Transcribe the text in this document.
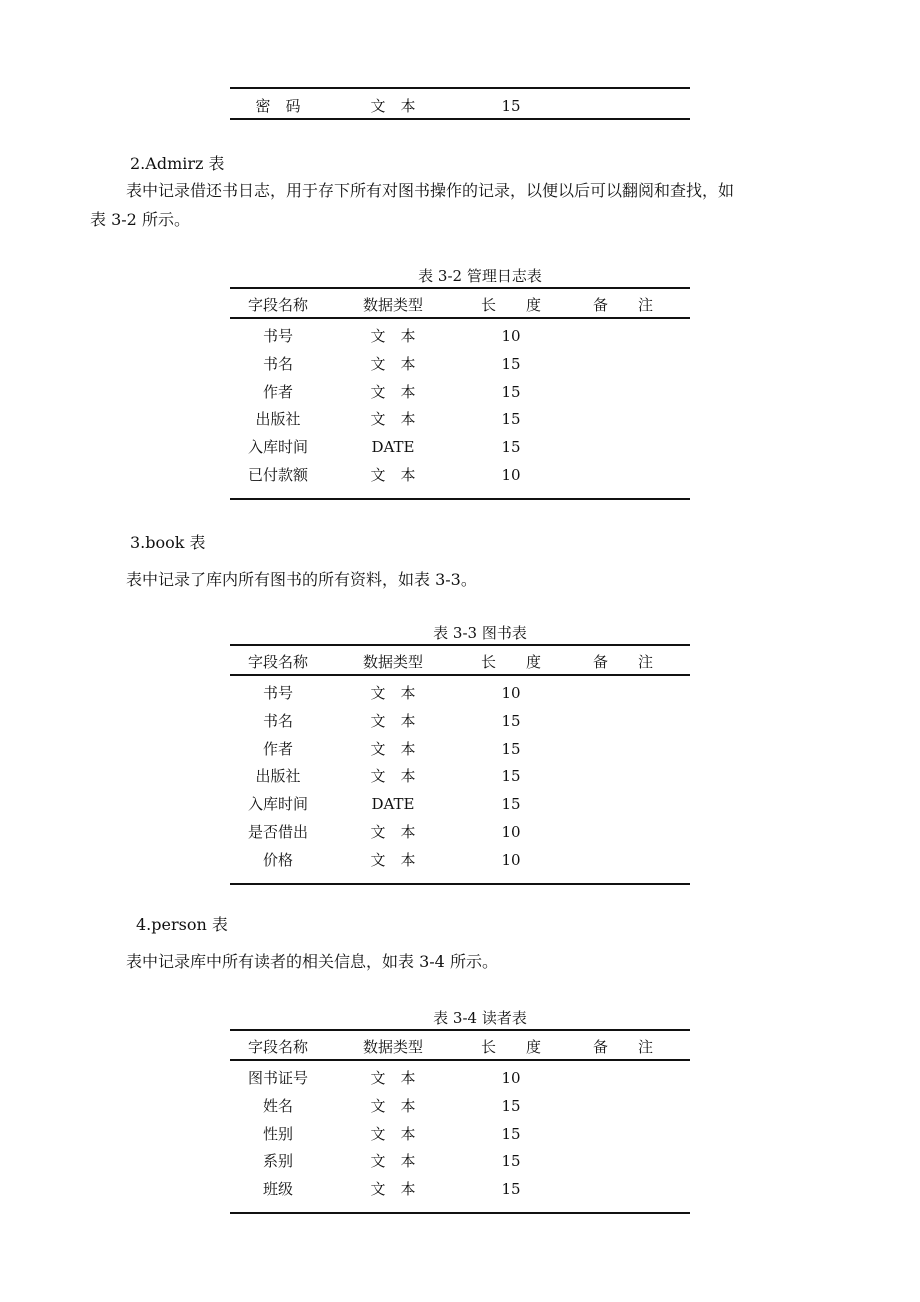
密　码	文　本	15
2.Admirz 表
表中记录借还书日志，用于存下所有对图书操作的记录，以便以后可以翻阅和查找，如
表 3-2 所示。
表 3-2 管理日志表
字段名称	数据类型	长　　度	备　　注
书号	文　本	10
书名	文　本	15
作者	文　本	15
出版社	文　本	15
入库时间	DATE	15
已付款额	文　本	10
3.book 表
表中记录了库内所有图书的所有资料，如表 3-3。
表 3-3 图书表
字段名称	数据类型	长　　度	备　　注
书号	文　本	10
书名	文　本	15
作者	文　本	15
出版社	文　本	15
入库时间	DATE	15
是否借出	文　本	10
价格	文　本	10
4.person 表
表中记录库中所有读者的相关信息，如表 3-4 所示。
表 3-4 读者表
字段名称	数据类型	长　　度	备　　注
图书证号	文　本	10
姓名	文　本	15
性别	文　本	15
系别	文　本	15
班级	文　本	15
